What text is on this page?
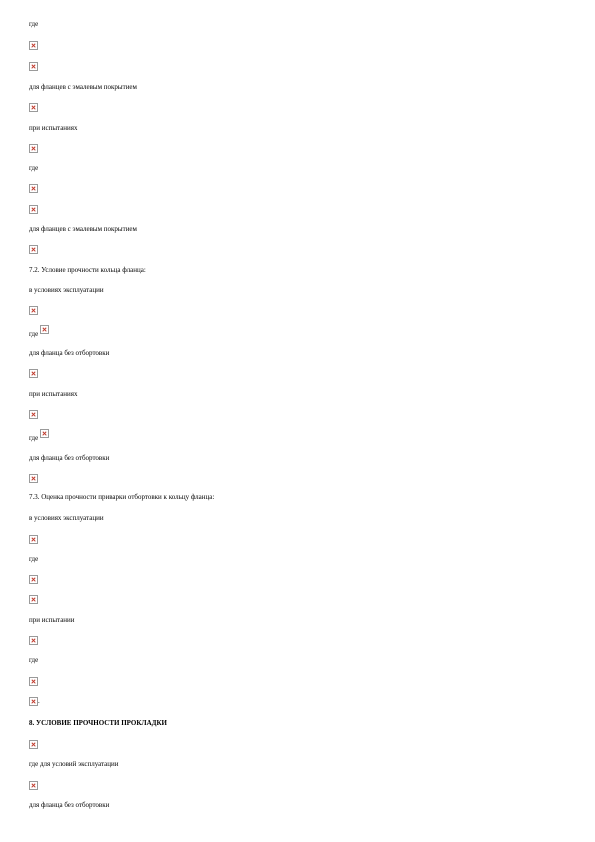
где
для фланцев с эмалевым покрытием
при испытаниях
где
для фланцев с эмалевым покрытием
7.2. Условие прочности кольца фланца:
в условиях эксплуатации
где
для фланца без отбортовки
при испытаниях
где
для фланца без отбортовки
7.3. Оценка прочности приварки отбортовки к кольцу фланца:
в условиях эксплуатации
где
при испытании
где
.
8. УСЛОВИЕ ПРОЧНОСТИ ПРОКЛАДКИ
где для условий эксплуатации
для фланца без отбортовки
